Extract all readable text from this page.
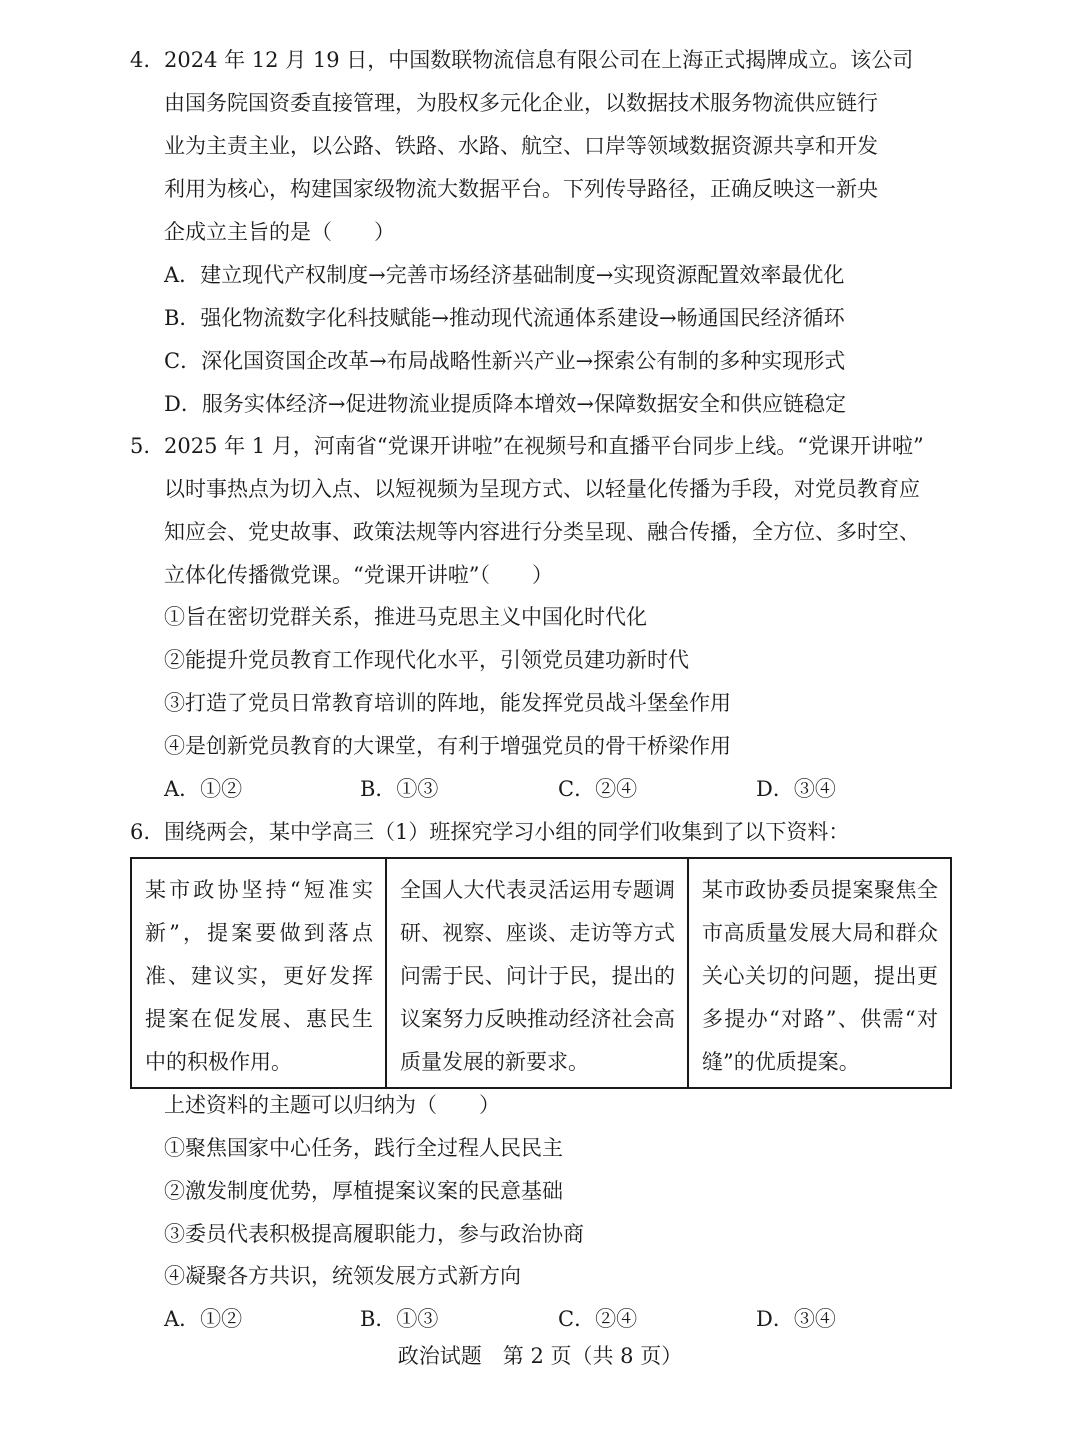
4. 2024 年 12 月 19 日，中国数联物流信息有限公司在上海正式揭牌成立。该公司
由国务院国资委直接管理，为股权多元化企业，以数据技术服务物流供应链行
业为主责主业，以公路、铁路、水路、航空、口岸等领域数据资源共享和开发
利用为核心，构建国家级物流大数据平台。下列传导路径，正确反映这一新央
企成立主旨的是（　　）
A．建立现代产权制度→完善市场经济基础制度→实现资源配置效率最优化
B．强化物流数字化科技赋能→推动现代流通体系建设→畅通国民经济循环
C．深化国资国企改革→布局战略性新兴产业→探索公有制的多种实现形式
D．服务实体经济→促进物流业提质降本增效→保障数据安全和供应链稳定
5. 2025 年 1 月，河南省“党课开讲啦”在视频号和直播平台同步上线。“党课开讲啦”
以时事热点为切入点、以短视频为呈现方式、以轻量化传播为手段，对党员教育应
知应会、党史故事、政策法规等内容进行分类呈现、融合传播，全方位、多时空、
立体化传播微党课。“党课开讲啦”（　　）
①旨在密切党群关系，推进马克思主义中国化时代化
②能提升党员教育工作现代化水平，引领党员建功新时代
③打造了党员日常教育培训的阵地，能发挥党员战斗堡垒作用
④是创新党员教育的大课堂，有利于增强党员的骨干桥梁作用
A．①②	B．①③	C．②④	D．③④
6. 围绕两会，某中学高三（1）班探究学习小组的同学们收集到了以下资料：
某市政协坚持“短准实新”，提案要做到落点准、建议实，更好发挥提案在促发展、惠民生中的积极作用。	全国人大代表灵活运用专题调研、视察、座谈、走访等方式问需于民、问计于民，提出的议案努力反映推动经济社会高质量发展的新要求。	某市政协委员提案聚焦全市高质量发展大局和群众关心关切的问题，提出更多提办“对路”、供需“对缝”的优质提案。
上述资料的主题可以归纳为（　　）
①聚焦国家中心任务，践行全过程人民民主
②激发制度优势，厚植提案议案的民意基础
③委员代表积极提高履职能力，参与政治协商
④凝聚各方共识，统领发展方式新方向
A．①②	B．①③	C．②④	D．③④
政治试题　第 2 页（共 8 页）
